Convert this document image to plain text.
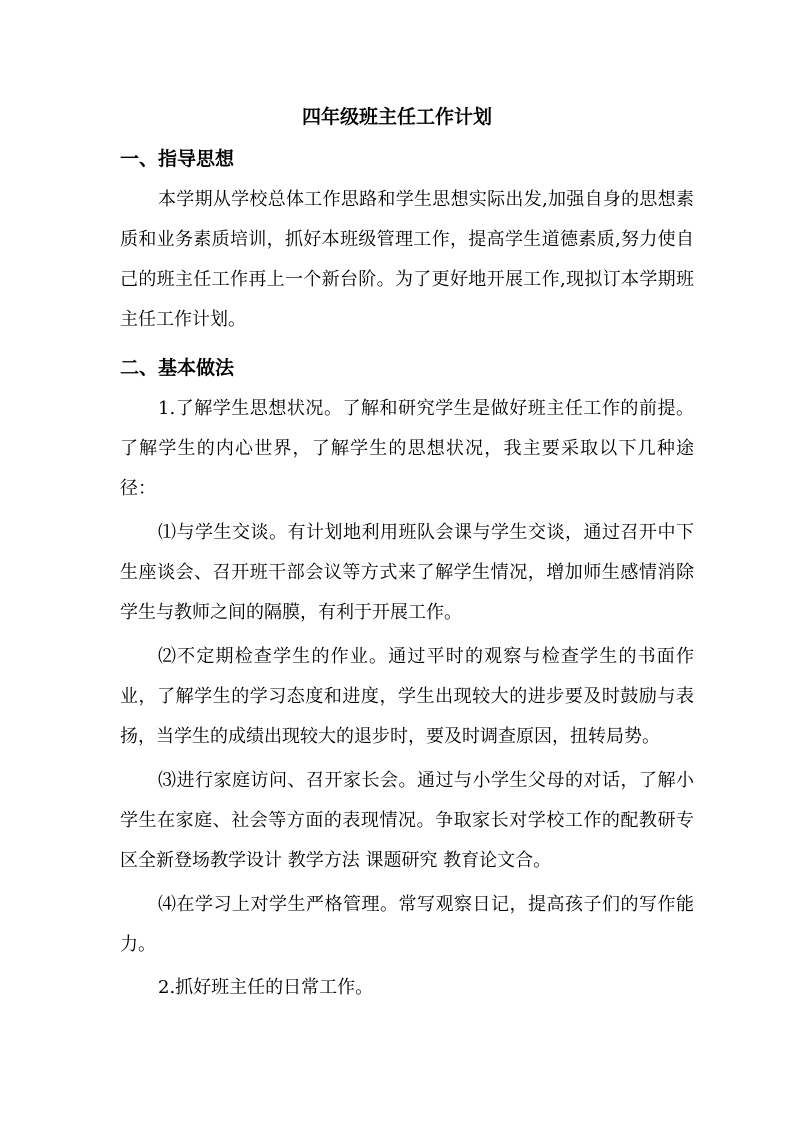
四年级班主任工作计划
一、指导思想

本学期从学校总体工作思路和学生思想实际出发,加强自身的思想素质和业务素质培训，抓好本班级管理工作，提高学生道德素质,努力使自己的班主任工作再上一个新台阶。为了更好地开展工作,现拟订本学期班主任工作计划。

二、基本做法

1.了解学生思想状况。了解和研究学生是做好班主任工作的前提。了解学生的内心世界，了解学生的思想状况，我主要采取以下几种途径：

⑴与学生交谈。有计划地利用班队会课与学生交谈，通过召开中下生座谈会、召开班干部会议等方式来了解学生情况，增加师生感情消除学生与教师之间的隔膜，有利于开展工作。

⑵不定期检查学生的作业。通过平时的观察与检查学生的书面作业，了解学生的学习态度和进度，学生出现较大的进步要及时鼓励与表扬，当学生的成绩出现较大的退步时，要及时调查原因，扭转局势。

⑶进行家庭访问、召开家长会。通过与小学生父母的对话，了解小学生在家庭、社会等方面的表现情况。争取家长对学校工作的配教研专区全新登场教学设计 教学方法 课题研究 教育论文合。

⑷在学习上对学生严格管理。常写观察日记，提高孩子们的写作能力。

2.抓好班主任的日常工作。
